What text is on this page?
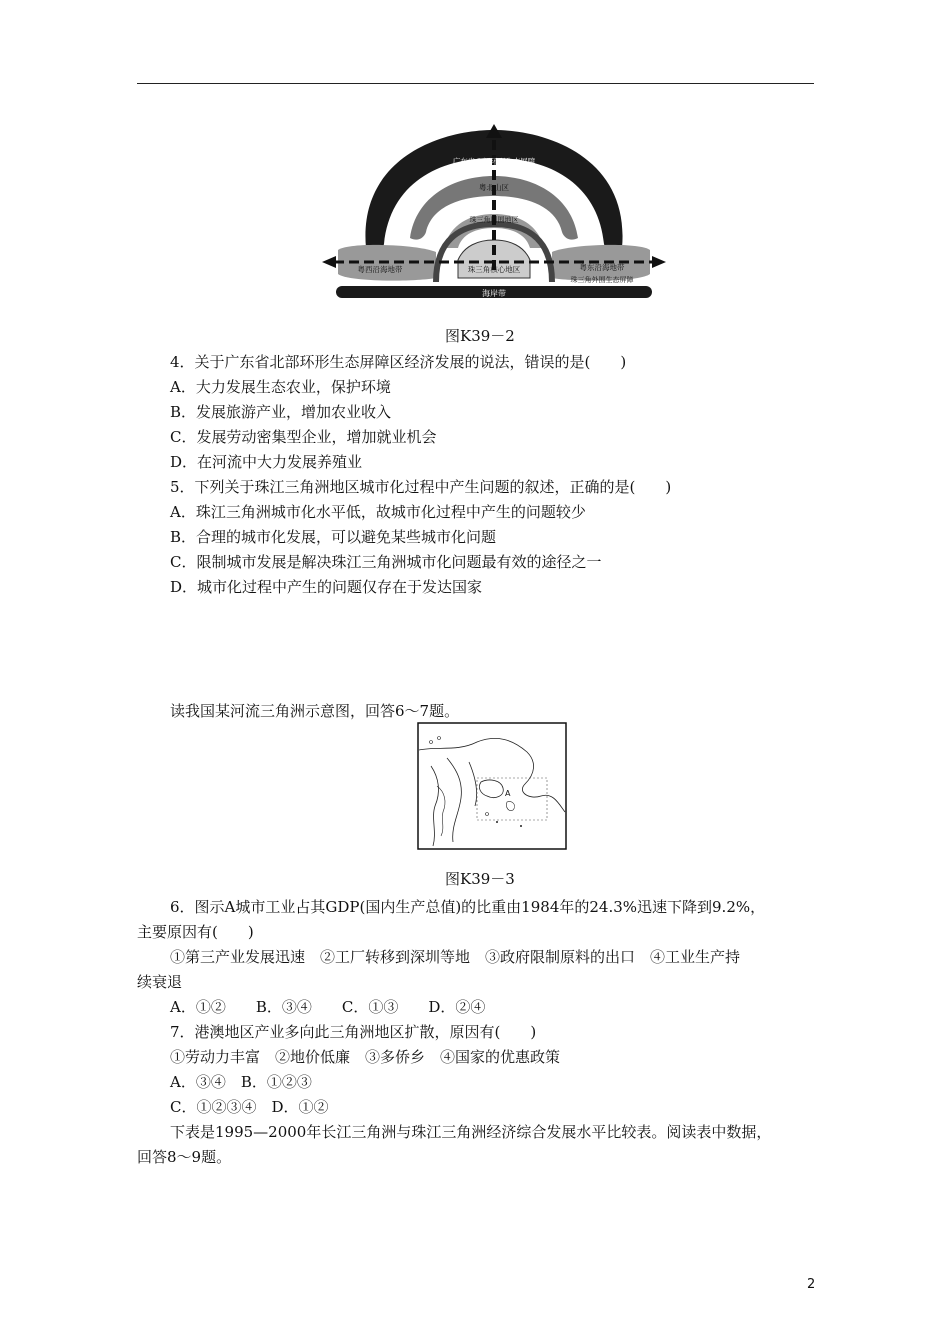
广东省北部环形生态屏障
粤北山区
珠三角周围地区
珠三角核心地区
粤西沿海地带	粤东沿海地带
珠三角外围生态屏障
海岸带
图K39－2
4．关于广东省北部环形生态屏障区经济发展的说法，错误的是(　　)
A．大力发展生态农业，保护环境
B．发展旅游产业，增加农业收入
C．发展劳动密集型企业，增加就业机会
D．在河流中大力发展养殖业
5．下列关于珠江三角洲地区城市化过程中产生问题的叙述，正确的是(　　)
A．珠江三角洲城市化水平低，故城市化过程中产生的问题较少
B．合理的城市化发展，可以避免某些城市化问题
C．限制城市发展是解决珠江三角洲城市化问题最有效的途径之一
D．城市化过程中产生的问题仅存在于发达国家
读我国某河流三角洲示意图，回答6～7题。
A
图K39－3
6．图示A城市工业占其GDP(国内生产总值)的比重由1984年的24.3%迅速下降到9.2%，
主要原因有(　　)
①第三产业发展迅速　②工厂转移到深圳等地　③政府限制原料的出口　④工业生产持
续衰退
A．①②　　B．③④　　C．①③　　D．②④
7．港澳地区产业多向此三角洲地区扩散，原因有(　　)
①劳动力丰富　②地价低廉　③多侨乡　④国家的优惠政策
A．③④　B．①②③
C．①②③④　D．①②
下表是1995—2000年长江三角洲与珠江三角洲经济综合发展水平比较表。阅读表中数据，
回答8～9题。
2
